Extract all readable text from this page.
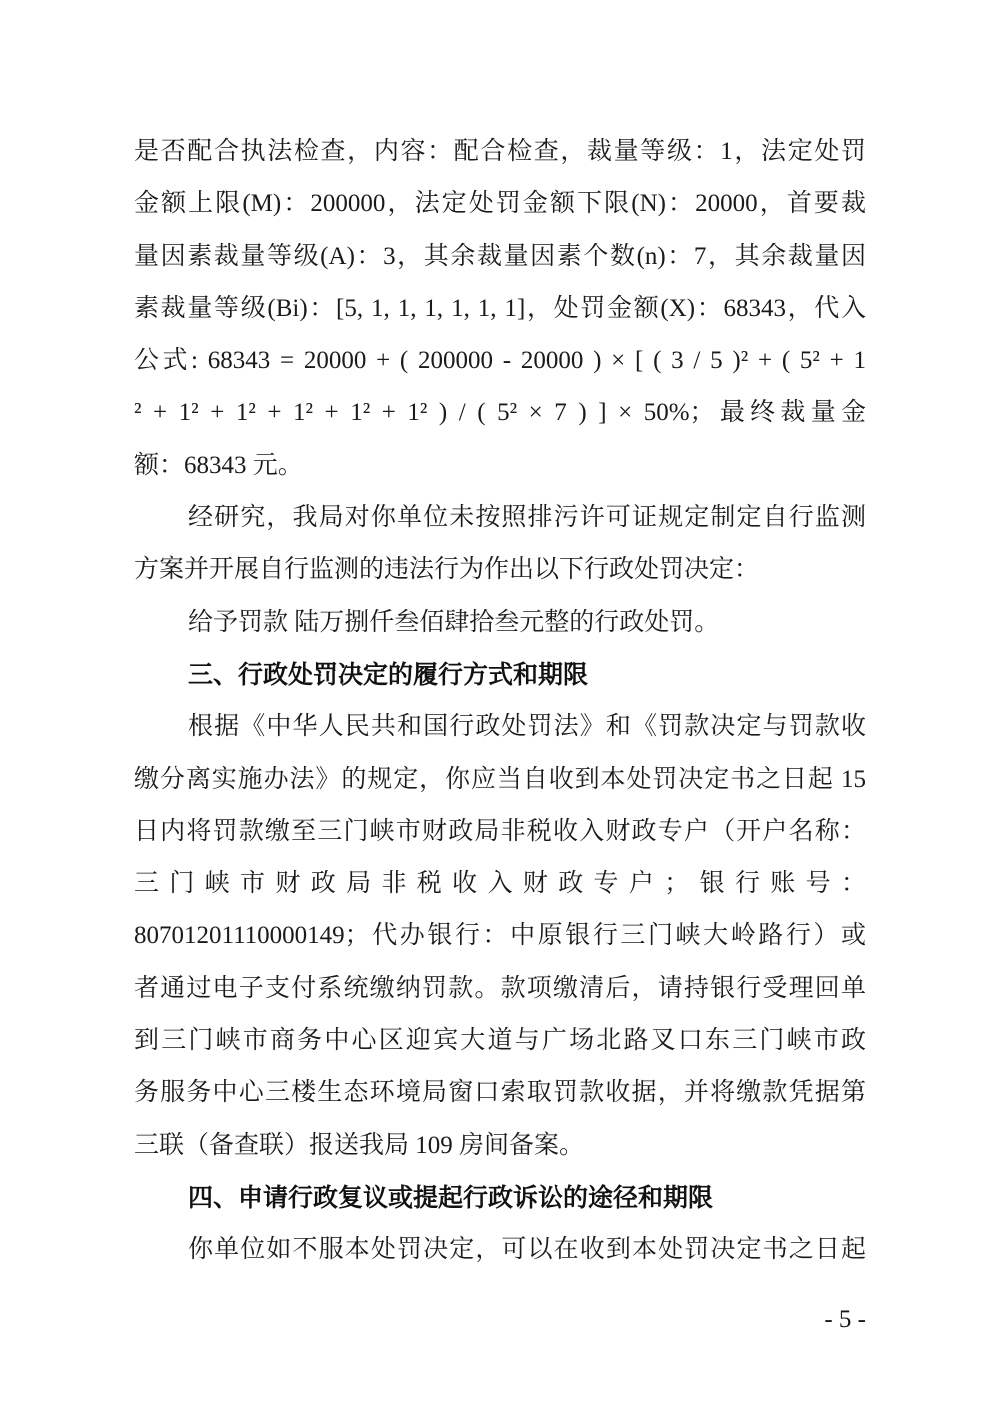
是否配合执法检查，内容：配合检查，裁量等级：1，法定处罚
金额上限(M)：200000，法定处罚金额下限(N)：20000，首要裁
量因素裁量等级(A)：3，其余裁量因素个数(n)：7，其余裁量因
素裁量等级(Bi)：[5, 1, 1, 1, 1, 1, 1]，处罚金额(X)：68343，代入
公式: 68343 = 20000 + ( 200000 - 20000 ) × [ ( 3 / 5 )² + ( 5² + 1
² + 1² + 1² + 1² + 1² + 1² ) / ( 5² × 7 ) ] × 50%；最终裁量金
额：68343 元。
经研究，我局对你单位未按照排污许可证规定制定自行监测
方案并开展自行监测的违法行为作出以下行政处罚决定：
给予罚款 陆万捌仟叁佰肆拾叁元整的行政处罚。
三、行政处罚决定的履行方式和期限
根据《中华人民共和国行政处罚法》和《罚款决定与罚款收
缴分离实施办法》的规定，你应当自收到本处罚决定书之日起 15
日内将罚款缴至三门峡市财政局非税收入财政专户（开户名称：
三门峡市财政局非税收入财政专户；银行账号：
80701201110000149；代办银行：中原银行三门峡大岭路行）或
者通过电子支付系统缴纳罚款。款项缴清后，请持银行受理回单
到三门峡市商务中心区迎宾大道与广场北路叉口东三门峡市政
务服务中心三楼生态环境局窗口索取罚款收据，并将缴款凭据第
三联（备查联）报送我局 109 房间备案。
四、申请行政复议或提起行政诉讼的途径和期限
你单位如不服本处罚决定，可以在收到本处罚决定书之日起
- 5 -
